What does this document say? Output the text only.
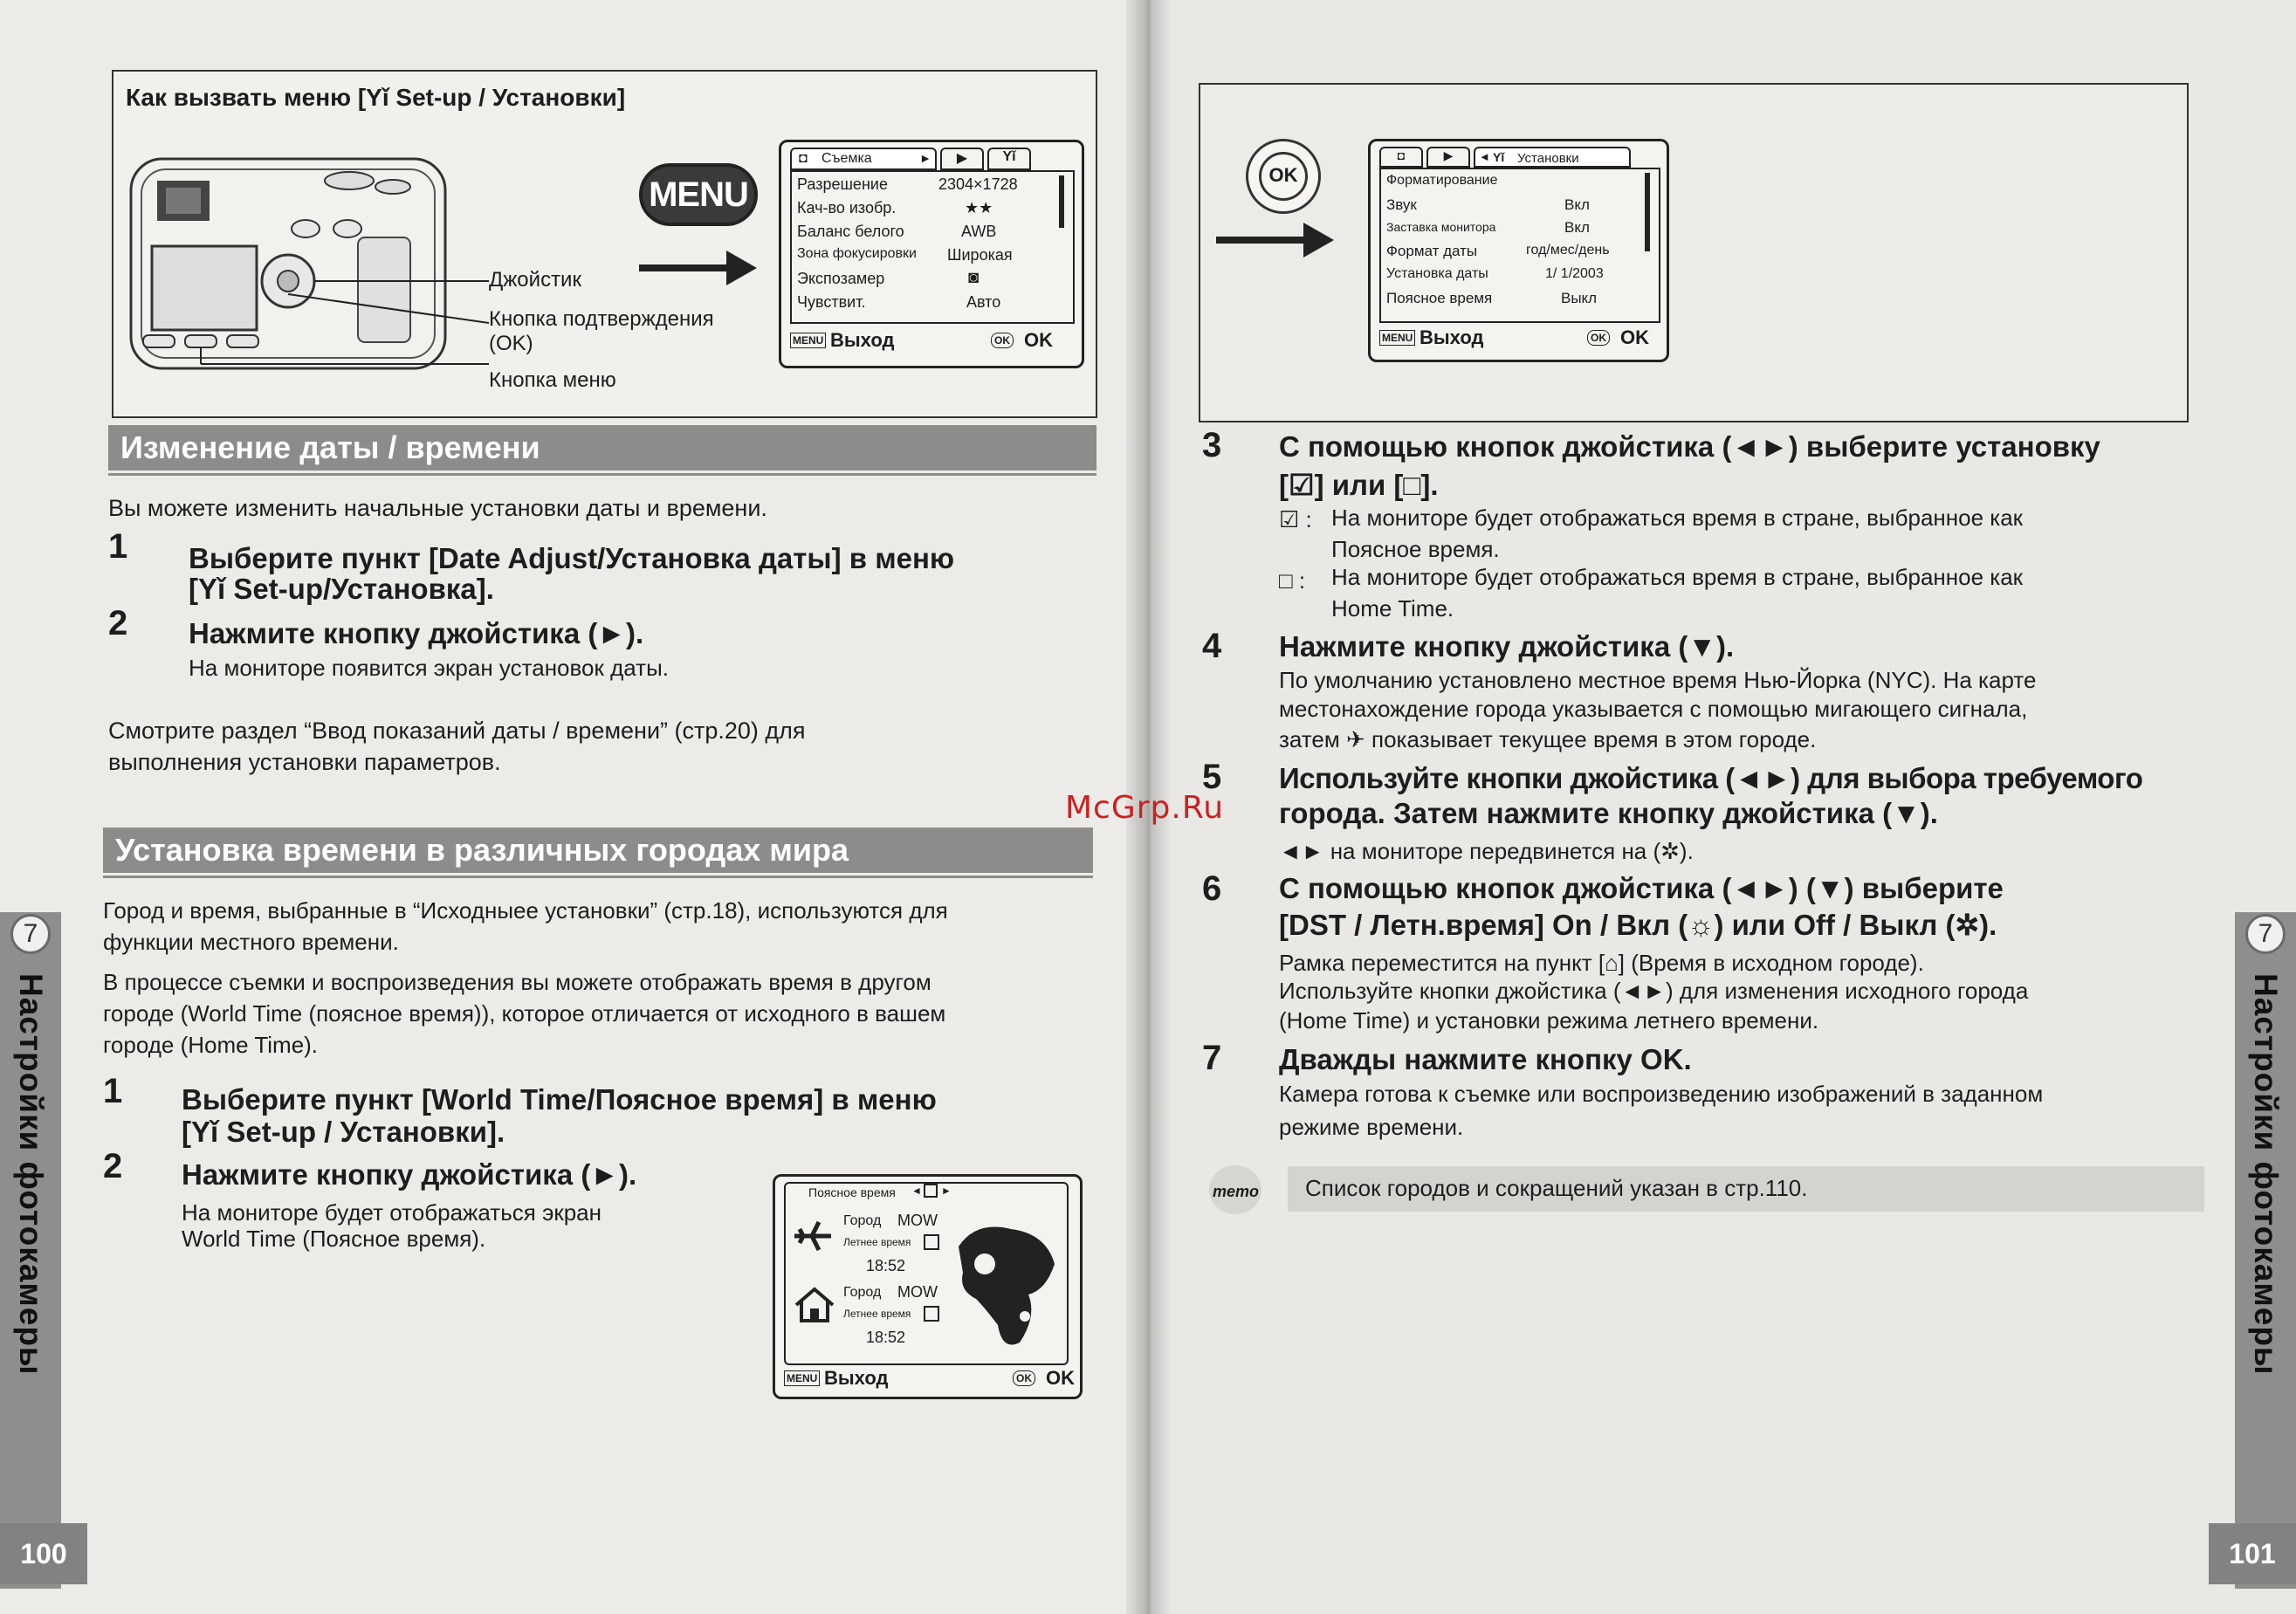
Как вызвать меню [Yǐ Set-up / Установки]
Джойстик
Кнопка подтверждения
(OK)
Кнопка меню
MENU
◘ Съемка	►	▶	Yǐ
Разрешение	2304×1728
Кач-во изобр.	★★
Баланс белого	AWB
Зона фокусировки Широкая
Экспозамер	◙
Чувствит.	Авто
MENU Выход	OK OK
Изменение даты / времени
Вы можете изменить начальные установки даты и времени.
1 Выберите пункт [Date Adjust/Установка даты] в меню
[Yǐ Set-up/Установка].
2 Нажмите кнопку джойстика (►).
На мониторе появится экран установок даты.
Смотрите раздел “Ввод показаний даты / времени” (стр.20) для
выполнения установки параметров.
Установка времени в различных городах мира
Город и время, выбранные в “Исходныее установки” (стр.18), используются для
функции местного времени.
В процессе съемки и воспроизведения вы можете отображать время в другом
городе (World Time (поясное время)), которое отличается от исходного в вашем
городе (Home Time).
1 Выберите пункт [World Time/Поясное время] в меню
[Yǐ Set-up / Установки].
2 Нажмите кнопку джойстика (►).
На мониторе будет отображаться экран
World Time (Поясное время).
Поясное время ◄ ►
Город MOW
Летнее время
18:52
Город MOW
Летнее время
18:52
MENU Выход	OK OK
7
Настройки фотокамеры
100
OK
◘	▶	◄ Yǐ Установки
Форматирование
Звук	Вкл
Заставка монитора	Вкл
Формат даты	год/мес/день
Установка даты	1/ 1/2003
Поясное время	Выкл
MENU Выход	OK OK
3 С помощью кнопок джойстика (◄►) выберите установку
[☑] или [□].
☑ : На мониторе будет отображаться время в стране, выбранное как
Поясное время.
□ : На мониторе будет отображаться время в стране, выбранное как
Home Time.
4 Нажмите кнопку джойстика (▼).
По умолчанию установлено местное время Нью-Йорка (NYC). На карте
местонахождение города указывается с помощью мигающего сигнала,
затем ✈ показывает текущее время в этом городе.
5 Используйте кнопки джойстика (◄►) для выбора требуемого
города. Затем нажмите кнопку джойстика (▼).
◄► на мониторе передвинется на (✲).
6 С помощью кнопок джойстика (◄►) (▼) выберите
[DST / Летн.время] On / Вкл (☼) или Off / Выкл (✲).
Рамка переместится на пункт [⌂] (Время в исходном городе).
Используйте кнопки джойстика (◄►) для изменения исходного города
(Home Time) и установки режима летнего времени.
7 Дважды нажмите кнопку OK.
Камера готова к съемке или воспроизведению изображений в заданном
режиме времени.
memo Список городов и сокращений указан в стр.110.
7
Настройки фотокамеры
101
McGrp.Ru
